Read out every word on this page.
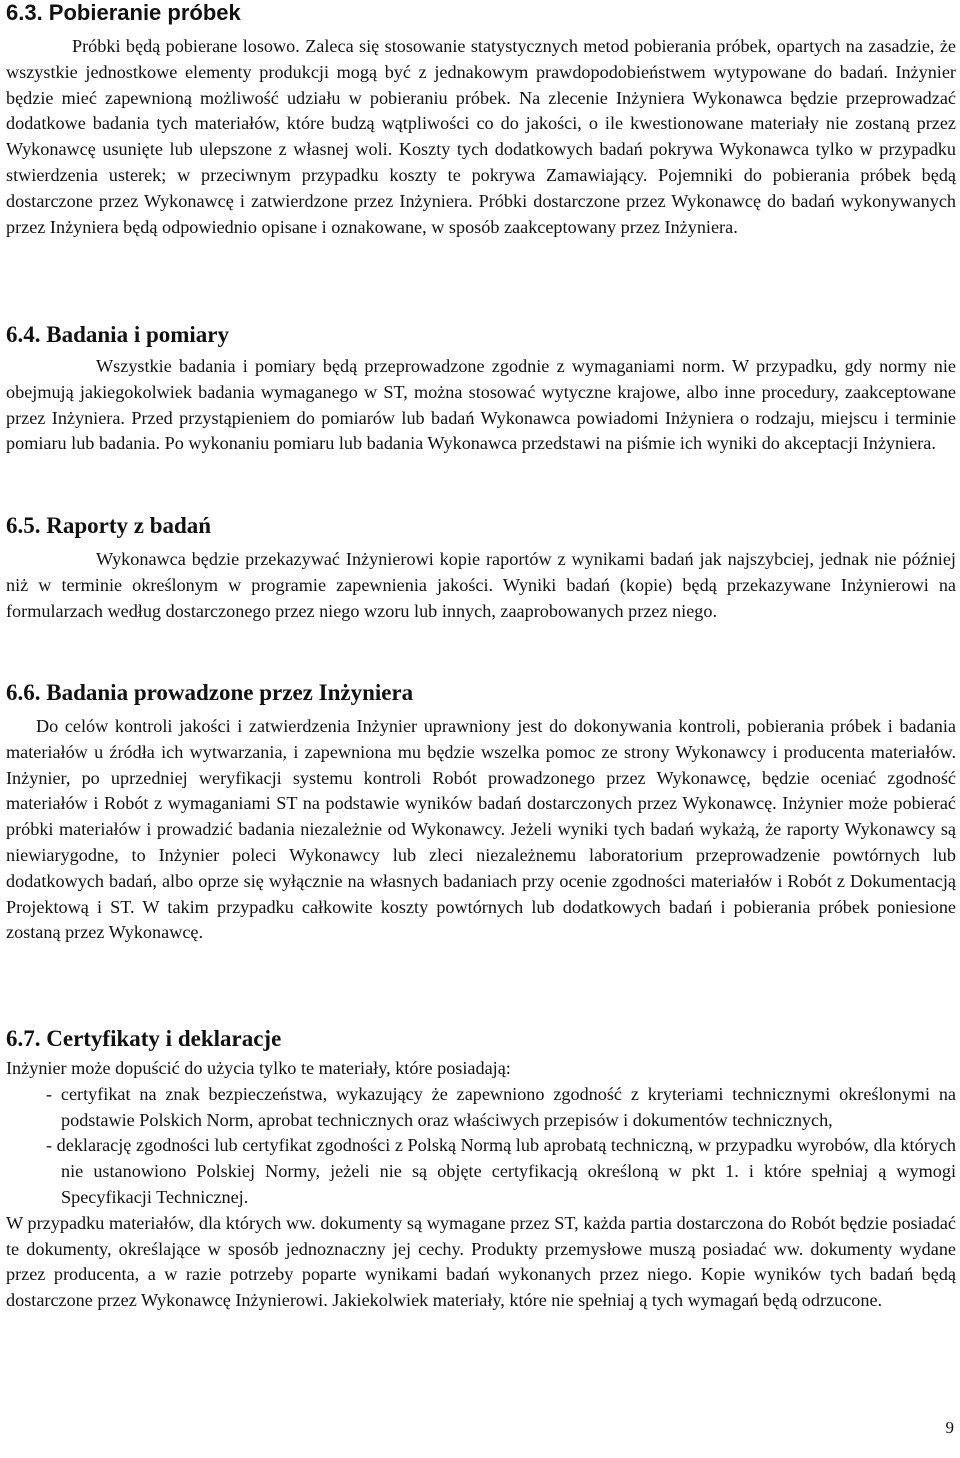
6.3. Pobieranie próbek

Próbki będą pobierane losowo. Zaleca się stosowanie statystycznych metod pobierania próbek, opartych na zasadzie, że wszystkie jednostkowe elementy produkcji mogą być z jednakowym prawdopodobieństwem wytypowane do badań. Inżynier będzie mieć zapewnioną możliwość udziału w pobieraniu próbek. Na zlecenie Inżyniera Wykonawca będzie przeprowadzać dodatkowe badania tych materiałów, które budzą wątpliwości co do jakości, o ile kwestionowane materiały nie zostaną przez Wykonawcę usunięte lub ulepszone z własnej woli. Koszty tych dodatkowych badań pokrywa Wykonawca tylko w przypadku stwierdzenia usterek; w przeciwnym przypadku koszty te pokrywa Zamawiający. Pojemniki do pobierania próbek będą dostarczone przez Wykonawcę i zatwierdzone przez Inżyniera. Próbki dostarczone przez Wykonawcę do badań wykonywanych przez Inżyniera będą odpowiednio opisane i oznakowane, w sposób zaakceptowany przez Inżyniera.

6.4. Badania i pomiary

Wszystkie badania i pomiary będą przeprowadzone zgodnie z wymaganiami norm. W przypadku, gdy normy nie obejmują jakiegokolwiek badania wymaganego w ST, można stosować wytyczne krajowe, albo inne procedury, zaakceptowane przez Inżyniera. Przed przystąpieniem do pomiarów lub badań Wykonawca powiadomi Inżyniera o rodzaju, miejscu i terminie pomiaru lub badania. Po wykonaniu pomiaru lub badania Wykonawca przedstawi na piśmie ich wyniki do akceptacji Inżyniera.

6.5. Raporty z badań

Wykonawca będzie przekazywać Inżynierowi kopie raportów z wynikami badań jak najszybciej, jednak nie później niż w terminie określonym w programie zapewnienia jakości. Wyniki badań (kopie) będą przekazywane Inżynierowi na formularzach według dostarczonego przez niego wzoru lub innych, zaaprobowanych przez niego.

6.6. Badania prowadzone przez Inżyniera

Do celów kontroli jakości i zatwierdzenia Inżynier uprawniony jest do dokonywania kontroli, pobierania próbek i badania materiałów u źródła ich wytwarzania, i zapewniona mu będzie wszelka pomoc ze strony Wykonawcy i producenta materiałów. Inżynier, po uprzedniej weryfikacji systemu kontroli Robót prowadzonego przez Wykonawcę, będzie oceniać zgodność materiałów i Robót z wymaganiami ST na podstawie wyników badań dostarczonych przez Wykonawcę. Inżynier może pobierać próbki materiałów i prowadzić badania niezależnie od Wykonawcy. Jeżeli wyniki tych badań wykażą, że raporty Wykonawcy są niewiarygodne, to Inżynier poleci Wykonawcy lub zleci niezależnemu laboratorium przeprowadzenie powtórnych lub dodatkowych badań, albo oprze się wyłącznie na własnych badaniach przy ocenie zgodności materiałów i Robót z Dokumentacją Projektową i ST. W takim przypadku całkowite koszty powtórnych lub dodatkowych badań i pobierania próbek poniesione zostaną przez Wykonawcę.

6.7. Certyfikaty i deklaracje

Inżynier może dopuścić do użycia tylko te materiały, które posiadają:

- certyfikat na znak bezpieczeństwa, wykazujący że zapewniono zgodność z kryteriami technicznymi określonymi na podstawie Polskich Norm, aprobat technicznych oraz właściwych przepisów i dokumentów technicznych,
- deklarację zgodności lub certyfikat zgodności z Polską Normą lub aprobatą techniczną, w przypadku wyrobów, dla których nie ustanowiono Polskiej Normy, jeżeli nie są objęte certyfikacją określoną w pkt 1. i które spełniaj ą wymogi Specyfikacji Technicznej.

W przypadku materiałów, dla których ww. dokumenty są wymagane przez ST, każda partia dostarczona do Robót będzie posiadać te dokumenty, określające w sposób jednoznaczny jej cechy. Produkty przemysłowe muszą posiadać ww. dokumenty wydane przez producenta, a w razie potrzeby poparte wynikami badań wykonanych przez niego. Kopie wyników tych badań będą dostarczone przez Wykonawcę Inżynierowi. Jakiekolwiek materiały, które nie spełniaj ą tych wymagań będą odrzucone.

9
